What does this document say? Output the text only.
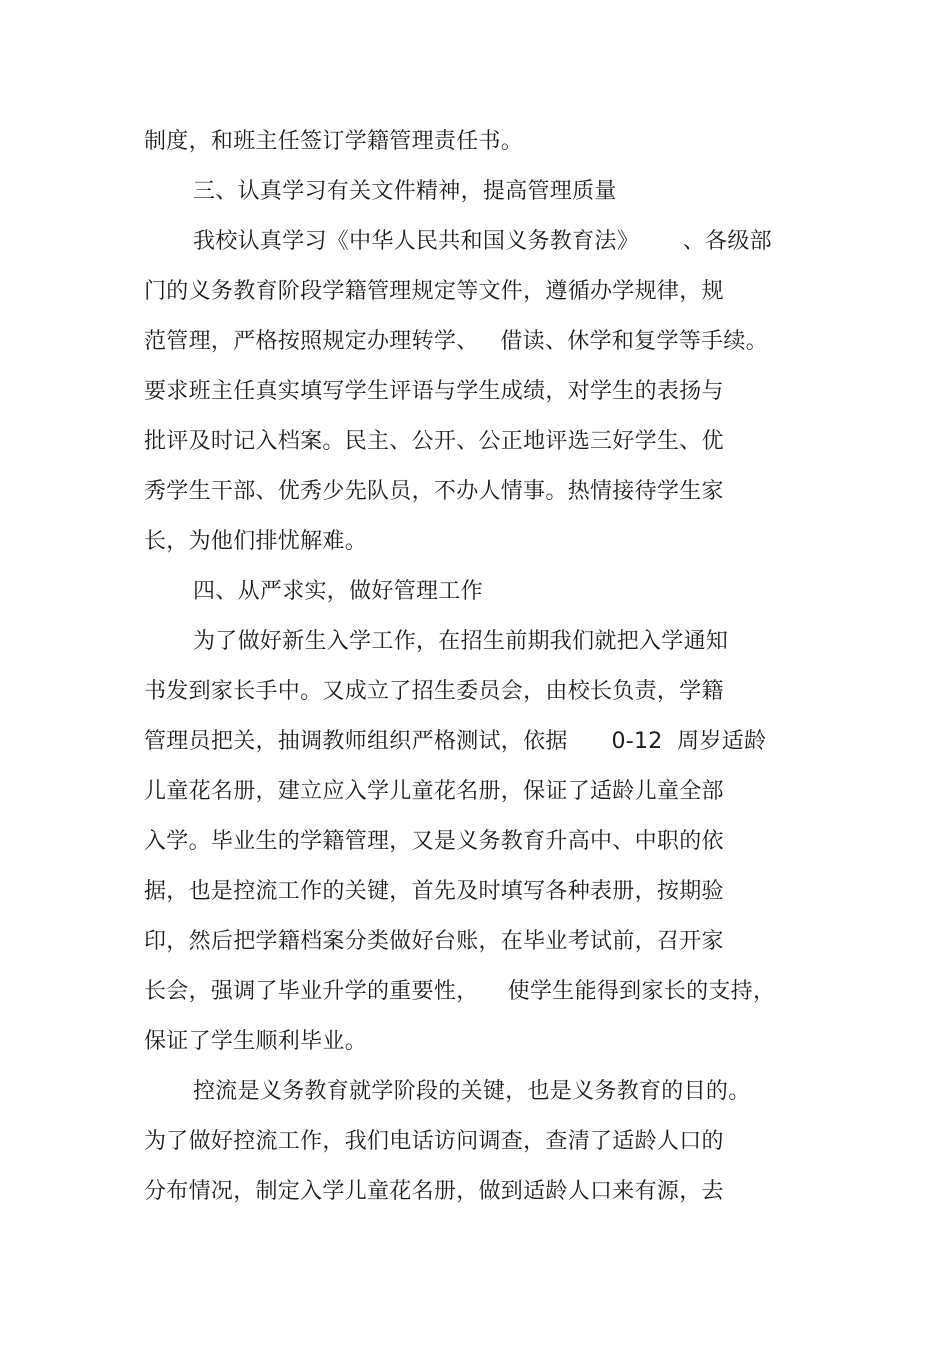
制度，和班主任签订学籍管理责任书。
三、认真学习有关文件精神，提高管理质量
我校认真学习《中华人民共和国义务教育法》      、各级部
门的义务教育阶段学籍管理规定等文件，遵循办学规律，规
范管理，严格按照规定办理转学、   借读、休学和复学等手续。
要求班主任真实填写学生评语与学生成绩，对学生的表扬与
批评及时记入档案。民主、公开、公正地评选三好学生、优
秀学生干部、优秀少先队员，不办人情事。热情接待学生家
长，为他们排忧解难。
四、从严求实，做好管理工作
为了做好新生入学工作，在招生前期我们就把入学通知
书发到家长手中。又成立了招生委员会，由校长负责，学籍
管理员把关，抽调教师组织严格测试，依据      0-12  周岁适龄
儿童花名册，建立应入学儿童花名册，保证了适龄儿童全部
入学。毕业生的学籍管理，又是义务教育升高中、中职的依
据，也是控流工作的关键，首先及时填写各种表册，按期验
印，然后把学籍档案分类做好台账，在毕业考试前，召开家
长会，强调了毕业升学的重要性，    使学生能得到家长的支持，
保证了学生顺利毕业。
控流是义务教育就学阶段的关键，也是义务教育的目的。
为了做好控流工作，我们电话访问调查，查清了适龄人口的
分布情况，制定入学儿童花名册，做到适龄人口来有源，去
